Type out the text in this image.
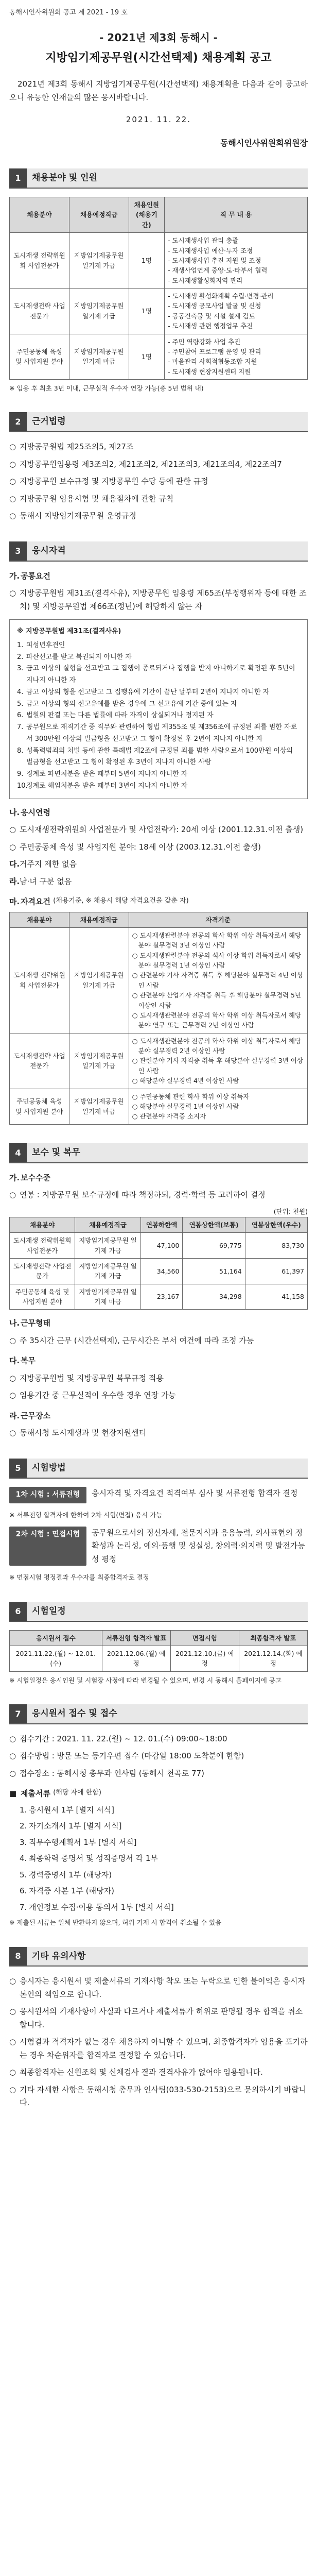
통해시인사위원회 공고 제 2021 - 19 호
- 2021년 제3회 동해시 -
지방임기제공무원(시간선택제) 채용계획 공고

2021년 제3회 동해시 지방임기제공무원(시간선택제) 채용계획을 다음과 같이 공고하오니 유능한 인재들의 많은 응시바랍니다.

2021. 11. 22.
동해시인사위원회위원장
1	채용분야 및 인원
채용분야	채용예정직급	채용인원 (채용기간)	직 무 내 용
도시재생 전략위원회 사업전문가	지방임기제공무원 일기제 가급	1명	- 도시재생사업 관리 총괄
- 도시재생사업 예산·투자 조정
- 도시재생사업 추진 지원 및 조정
- 재생사업연계 중앙·도·타부서 협력
- 도시재생활성화지역 관리

도시재생전략 사업전문가	지방임기제공무원 일기제 가급	1명	- 도시재생 활성화계획 수립·변경·관리
- 도시재생 공모사업 발굴 및 신청
- 공공건축물 및 시설 설계 검토
- 도시재생 관련 행정업무 추진

주민공동체 육성 및 사업지원 분야	지방임기제공무원 일기제 마급	1명	- 주민 역량강화 사업 추진
- 주민참여 프로그램 운영 및 관리
- 마을관리 사회적협동조합 지원
- 도시재생 현장지원센터 지원
※ 임용 후 최초 3년 이내, 근무실적 우수자 연장 가능(총 5년 범위 내)
2	근거법령
○ 지방공무원법 제25조의5, 제27조
○ 지방공무원임용령 제3조의2, 제21조의2, 제21조의3, 제21조의4, 제22조의7
○ 지방공무원 보수규정 및 지방공무원 수당 등에 관한 규정
○ 지방공무원 임용시험 및 채용절차에 관한 규칙
○ 동해시 지방임기제공무원 운영규정
3	응시자격
가. 공통요건
○ 지방공무원법 제31조(결격사유), 지방공무원 임용령 제65조(부정행위자 등에 대한 조치) 및 지방공무원법 제66조(정년)에 해당하지 않는 자
※ 지방공무원법 제31조(결격사유)
1. 피성년후견인
2. 파산선고를 받고 복권되지 아니한 자
3. 금고 이상의 실형을 선고받고 그 집행이 종료되거나 집행을 받지 아니하기로 확정된 후 5년이 지나지 아니한 자
4. 금고 이상의 형을 선고받고 그 집행유예 기간이 끝난 날부터 2년이 지나지 아니한 자
5. 금고 이상의 형의 선고유예를 받은 경우에 그 선고유예 기간 중에 있는 자
6. 법원의 판결 또는 다른 법률에 따라 자격이 상실되거나 정지된 자
7. 공무원으로 재직기간 중 직무와 관련하여 형법 제355조 및 제356조에 규정된 죄를 범한 자로서 300만원 이상의 벌금형을 선고받고 그 형이 확정된 후 2년이 지나지 아니한 자
8. 성폭력범죄의 처벌 등에 관한 특례법 제2조에 규정된 죄를 범한 사람으로서 100만원 이상의 벌금형을 선고받고 그 형이 확정된 후 3년이 지나지 아니한 사람
9. 징계로 파면처분을 받은 때부터 5년이 지나지 아니한 자
10.
징계로 해임처분을 받은 때부터 3년이 지나지 아니한 자
나. 응시연령
○ 도시재생전략위원회 사업전문가 및 사업전략가: 20세 이상 (2001.12.31.이전 출생)
○ 주민공동체 육성 및 사업지원 분야: 18세 이상 (2003.12.31.이전 출생)
다. 거주지 제한 없음
라. 남·녀 구분 없음
마. 자격요건
(채용기준, ※ 채용시 해당 자격요건을 갖춘 자)
채용분야	채용예정직급	자격기준
도시재생 전략위원회 사업전문가	지방임기제공무원 일기제 가급	○ 도시재생관련분야 전공의 학사 학위 이상 취득자로서 해당분야 실무경력 3년 이상인 사람
○ 도시재생관련분야 전공의 석사 이상 학위 취득자로서 해당분야 실무경력 1년 이상인 사람
○ 관련분야 기사 자격증 취득 후 해당분야 실무경력 4년 이상인 사람
○ 관련분야 산업기사 자격증 취득 후 해당분야 실무경력 5년 이상인 사람
○ 도시재생관련분야 전공의 학사 학위 이상 취득자로서 해당분야 연구 또는 근무경력 2년 이상인 사람

도시재생전략 사업전문가	지방임기제공무원 일기제 가급	○ 도시재생관련분야 전공의 학사 학위 이상 취득자로서 해당분야 실무경력 2년 이상인 사람
○ 관련분야 기사 자격증 취득 후 해당분야 실무경력 3년 이상인 사람
○ 해당분야 실무경력 4년 이상인 사람

주민공동체 육성 및 사업지원 분야	지방임기제공무원 일기제 마급	○ 주민공동체 관련 학사 학위 이상 취득자
○ 해당분야 실무경력 1년 이상인 사람
○ 관련분야 자격증 소지자
4	보수 및 복무
가. 보수수준
○ 연봉 : 지방공무원 보수규정에 따라 책정하되, 경력·학력 등 고려하여 결정
(단위: 천원)
채용분야	채용예정직급	연봉하한액	연봉상한액(보통)	연봉상한액(우수)
도시재생 전략위원회 사업전문가	지방임기제공무원 일기제 가급	47,100	69,775	83,730
도시재생전략 사업전문가	지방임기제공무원 일기제 가급	34,560	51,164	61,397
주민공동체 육성 및 사업지원 분야	지방임기제공무원 일기제 마급	23,167	34,298	41,158
나. 근무형태
○ 주 35시간 근무 (시간선택제), 근무시간은 부서 여건에 따라 조정 가능
다. 복무
○ 지방공무원법 및 지방공무원 복무규정 적용
○ 임용기간 중 근무실적이 우수한 경우 연장 가능
라. 근무장소
○ 동해시청 도시재생과 및 현장지원센터
5	시험방법
1차 시험 : 서류전형	응시자격 및 자격요건 적격여부 심사 및 서류전형 합격자 결정
※ 서류전형 합격자에 한하여 2차 시험(면접) 응시 가능
2차 시험 : 면접시험	공무원으로서의 정신자세, 전문지식과 응용능력, 의사표현의 정확성과 논리성, 예의·품행 및 성실성, 창의력·의지력 및 발전가능성 평정
※ 면접시험 평정결과 우수자를 최종합격자로 결정
6	시험일정
응시원서 접수	서류전형 합격자 발표	면접시험	최종합격자 발표
2021.11.22.(월) ~ 12.01.(수)	2021.12.06.(월) 예정	2021.12.10.(금) 예정	2021.12.14.(화) 예정
※ 시험일정은 응시인원 및 시험장 사정에 따라 변경될 수 있으며, 변경 시 동해시 홈페이지에 공고
7	응시원서 접수 및 접수
○ 접수기간 : 2021. 11. 22.(월) ~ 12. 01.(수) 09:00~18:00
○ 접수방법 : 방문 또는 등기우편 접수 (마감일 18:00 도착분에 한함)
○ 접수장소 : 동해시청 총무과 인사팀 (동해시 천곡로 77)
■ 제출서류
(해당 자에 한함)
1. 응시원서 1부 [별지 서식]
2. 자기소개서 1부 [별지 서식]
3. 직무수행계획서 1부 [별지 서식]
4. 최종학력 증명서 및 성적증명서 각 1부
5. 경력증명서 1부 (해당자)
6. 자격증 사본 1부 (해당자)
7. 개인정보 수집·이용 동의서 1부 [별지 서식]
※ 제출된 서류는 일체 반환하지 않으며, 허위 기재 시 합격이 취소될 수 있음
8	기타 유의사항
○ 응시자는 응시원서 및 제출서류의 기재사항 착오 또는 누락으로 인한 불이익은 응시자 본인의 책임으로 합니다.
○ 응시원서의 기재사항이 사실과 다르거나 제출서류가 허위로 판명될 경우 합격을 취소합니다.
○ 시험결과 적격자가 없는 경우 채용하지 아니할 수 있으며, 최종합격자가 임용을 포기하는 경우 차순위자를 합격자로 결정할 수 있습니다.
○ 최종합격자는 신원조회 및 신체검사 결과 결격사유가 없어야 임용됩니다.
○ 기타 자세한 사항은 동해시청 총무과 인사팀(033-530-2153)으로 문의하시기 바랍니다.
